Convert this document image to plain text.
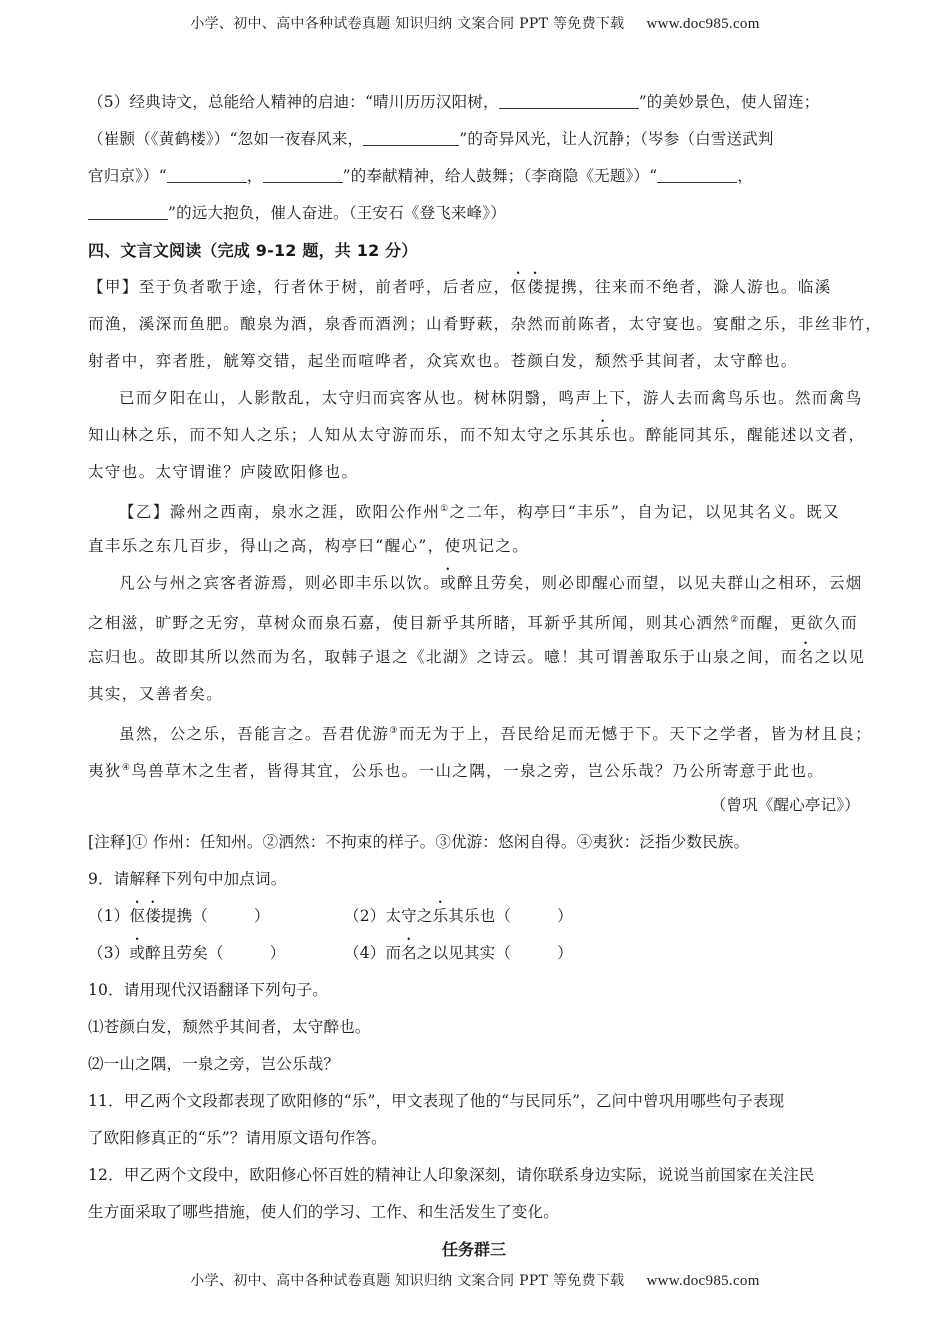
小学、初中、高中各种试卷真题 知识归纳 文案合同 PPT 等免费下载 www.doc985.com
（5）经典诗文，总能给人精神的启迪：“晴川历历汉阳树，	”的美妙景色，使人留连；
（崔颢（《黄鹤楼》）“忽如一夜春风来，	”的奇异风光，让人沉静；（岑参（白雪送武判
官归京》）“	，	”的奉献精神，给人鼓舞；（李商隐《无题》）“	，
”的远大抱负，催人奋进。（王安石《登飞来峰》）
四、文言文阅读（完成 9-12 题，共 12 分）
【甲】至于负者歌于途，行者休于树，前者呼，后者应，伛偻提携，往来而不绝者，滁人游也。临溪
而渔，溪深而鱼肥。酿泉为酒，泉香而酒洌；山肴野蔌，杂然而前陈者，太守宴也。宴酣之乐，非丝非竹，
射者中，弈者胜，觥筹交错，起坐而喧哗者，众宾欢也。苍颜白发，颓然乎其间者，太守醉也。
已而夕阳在山，人影散乱，太守归而宾客从也。树林阴翳，鸣声上下，游人去而禽鸟乐也。然而禽鸟
知山林之乐，而不知人之乐；人知从太守游而乐，而不知太守之乐其乐也。醉能同其乐，醒能述以文者，
太守也。太守谓谁？庐陵欧阳修也。
【乙】滁州之西南，泉水之涯，欧阳公作州①之二年，构亭曰“丰乐”，自为记，以见其名义。既又
直丰乐之东几百步，得山之高，构亭曰“醒心”，使巩记之。
凡公与州之宾客者游焉，则必即丰乐以饮。或醉且劳矣，则必即醒心而望，以见夫群山之相环，云烟
之相滋，旷野之无穷，草树众而泉石嘉，使目新乎其所睹，耳新乎其所闻，则其心洒然②而醒，更欲久而
忘归也。故即其所以然而为名，取韩子退之《北湖》之诗云。噫！其可谓善取乐于山泉之间，而名之以见
其实，又善者矣。
虽然，公之乐，吾能言之。吾君优游③而无为于上，吾民给足而无憾于下。天下之学者，皆为材且良；
夷狄④鸟兽草木之生者，皆得其宜，公乐也。一山之隅，一泉之旁，岂公乐哉？乃公所寄意于此也。
（曾巩《醒心亭记》）
[注释]① 作州：任知州。②洒然：不拘束的样子。③优游：悠闲自得。④夷狄：泛指少数民族。
9．请解释下列句中加点词。
（1）伛偻提携（	）	（2）太守之乐其乐也（	）
（3）或醉且劳矣（	）	（4）而名之以见其实（	）
10．请用现代汉语翻译下列句子。
⑴苍颜白发，颓然乎其间者，太守醉也。
⑵一山之隅，一泉之旁，岂公乐哉？
11．甲乙两个文段都表现了欧阳修的“乐”，甲文表现了他的“与民同乐”，乙问中曾巩用哪些句子表现
了欧阳修真正的“乐”？请用原文语句作答。
12．甲乙两个文段中，欧阳修心怀百姓的精神让人印象深刻，请你联系身边实际，说说当前国家在关注民
生方面采取了哪些措施，使人们的学习、工作、和生活发生了变化。
任务群三
小学、初中、高中各种试卷真题 知识归纳 文案合同 PPT 等免费下载 www.doc985.com
